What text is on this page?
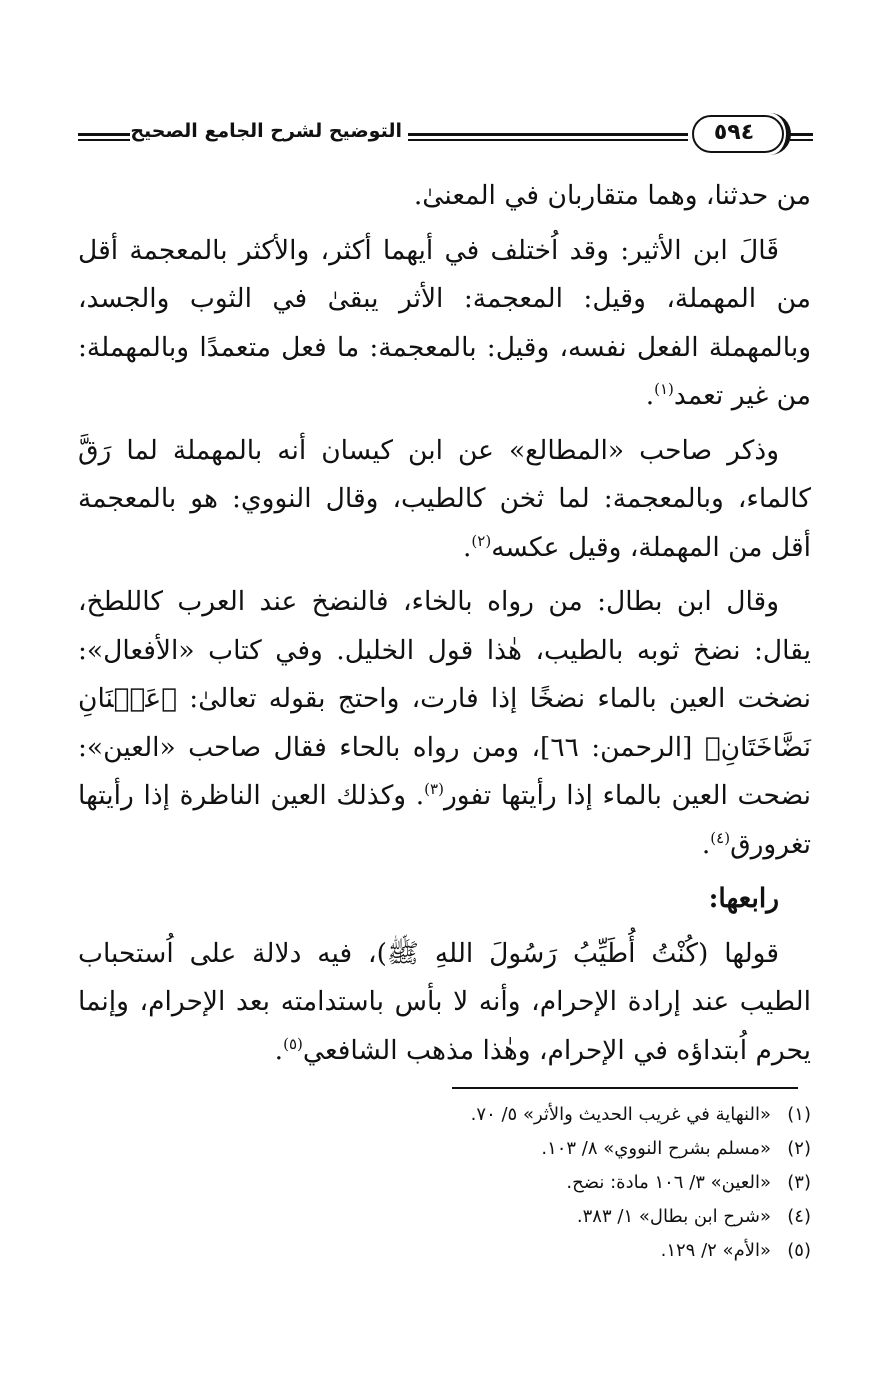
التوضيح لشرح الجامع الصحيح	٥٩٤

من حدثنا، وهما متقاربان في المعنىٰ.

قَالَ ابن الأثير: وقد اُختلف في أيهما أكثر، والأكثر بالمعجمة أقل من المهملة، وقيل: المعجمة: الأثر يبقىٰ في الثوب والجسد، وبالمهملة الفعل نفسه، وقيل: بالمعجمة: ما فعل متعمدًا وبالمهملة: من غير تعمد$^{(١)}$.

وذكر صاحب «المطالع» عن ابن كيسان أنه بالمهملة لما رَقَّ كالماء، وبالمعجمة: لما ثخن كالطيب، وقال النووي: هو بالمعجمة أقل من المهملة، وقيل عكسه$^{(٢)}$.

وقال ابن بطال: من رواه بالخاء، فالنضخ عند العرب كاللطخ، يقال: نضخ ثوبه بالطيب، هٰذا قول الخليل. وفي كتاب «الأفعال»: نضخت العين بالماء نضخًا إذا فارت، واحتج بقوله تعالىٰ: ﴿عَيۡنَانِ نَضَّاخَتَانِ﴾ [الرحمن: ٦٦]، ومن رواه بالحاء فقال صاحب «العين»: نضحت العين بالماء إذا رأيتها تفور$^{(٣)}$. وكذلك العين الناظرة إذا رأيتها تغرورق$^{(٤)}$.

رابعها:

قولها (كُنْتُ أُطَيِّبُ رَسُولَ اللهِ ﷺ)، فيه دلالة على اُستحباب الطيب عند إرادة الإحرام، وأنه لا بأس باستدامته بعد الإحرام، وإنما يحرم اُبتداؤه في الإحرام، وهٰذا مذهب الشافعي$^{(٥)}$.

(١)«النهاية في غريب الحديث والأثر» ٥/ ٧٠.
(٢)«مسلم بشرح النووي» ٨/ ١٠٣.
(٣)«العين» ٣/ ١٠٦ مادة: نضح.
(٤)«شرح ابن بطال» ١/ ٣٨٣.
(٥)«الأم» ٢/ ١٢٩.
